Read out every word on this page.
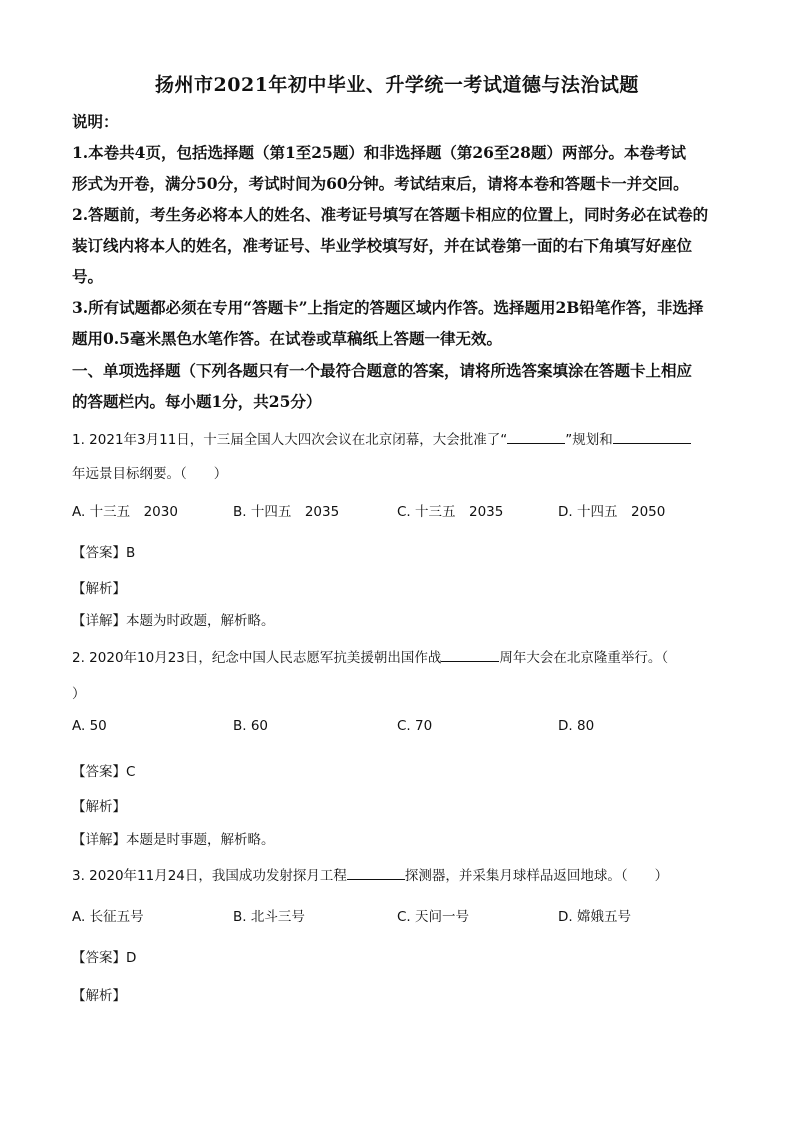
扬州市2021年初中毕业、升学统一考试道德与法治试题
说明：
1.本卷共4页，包括选择题（第1至25题）和非选择题（第26至28题）两部分。本卷考试
形式为开卷，满分50分，考试时间为60分钟。考试结束后，请将本卷和答题卡一并交回。
2.答题前，考生务必将本人的姓名、准考证号填写在答题卡相应的位置上，同时务必在试卷的
装订线内将本人的姓名，准考证号、毕业学校填写好，并在试卷第一面的右下角填写好座位
号。
3.所有试题都必须在专用“答题卡”上指定的答题区域内作答。选择题用2B铅笔作答，非选择
题用0.5毫米黑色水笔作答。在试卷或草稿纸上答题一律无效。
一、单项选择题（下列各题只有一个最符合题意的答案，请将所选答案填涂在答题卡上相应
的答题栏内。每小题1分，共25分）
1. 2021年3月11日，十三届全国人大四次会议在北京闭幕，大会批准了“	”规划和
年远景目标纲要。（　　）
A. 十三五　2030	B. 十四五　2035	C. 十三五　2035	D. 十四五　2050
【答案】B
【解析】
【详解】本题为时政题，解析略。
2. 2020年10月23日，纪念中国人民志愿军抗美援朝出国作战	周年大会在北京隆重举行。（
）
A. 50	B. 60	C. 70	D. 80
【答案】C
【解析】
【详解】本题是时事题，解析略。
3. 2020年11月24日，我国成功发射探月工程	探测器，并采集月球样品返回地球。（　　）
A. 长征五号	B. 北斗三号	C. 天问一号	D. 嫦娥五号
【答案】D
【解析】
